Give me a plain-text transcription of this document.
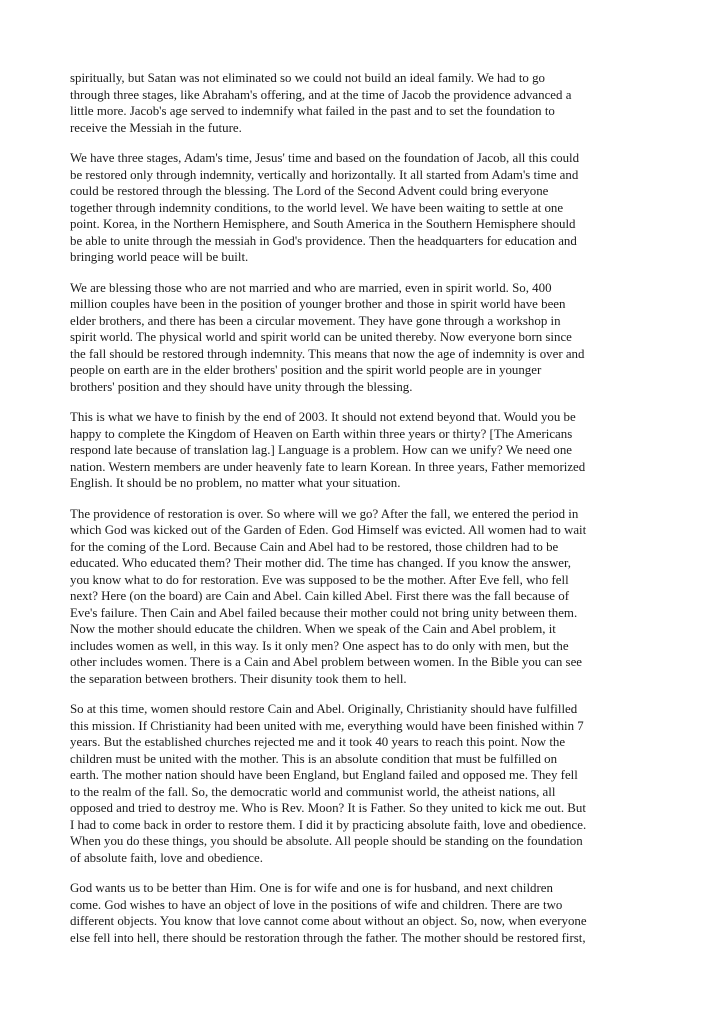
spiritually, but Satan was not eliminated so we could not build an ideal family. We had to go
through three stages, like Abraham's offering, and at the time of Jacob the providence advanced a
little more. Jacob's age served to indemnify what failed in the past and to set the foundation to
receive the Messiah in the future.

We have three stages, Adam's time, Jesus' time and based on the foundation of Jacob, all this could
be restored only through indemnity, vertically and horizontally. It all started from Adam's time and
could be restored through the blessing. The Lord of the Second Advent could bring everyone
together through indemnity conditions, to the world level. We have been waiting to settle at one
point. Korea, in the Northern Hemisphere, and South America in the Southern Hemisphere should
be able to unite through the messiah in God's providence. Then the headquarters for education and
bringing world peace will be built.

We are blessing those who are not married and who are married, even in spirit world. So, 400
million couples have been in the position of younger brother and those in spirit world have been
elder brothers, and there has been a circular movement. They have gone through a workshop in
spirit world. The physical world and spirit world can be united thereby. Now everyone born since
the fall should be restored through indemnity. This means that now the age of indemnity is over and
people on earth are in the elder brothers' position and the spirit world people are in younger
brothers' position and they should have unity through the blessing.

This is what we have to finish by the end of 2003. It should not extend beyond that. Would you be
happy to complete the Kingdom of Heaven on Earth within three years or thirty? [The Americans
respond late because of translation lag.] Language is a problem. How can we unify? We need one
nation. Western members are under heavenly fate to learn Korean. In three years, Father memorized
English. It should be no problem, no matter what your situation.

The providence of restoration is over. So where will we go? After the fall, we entered the period in
which God was kicked out of the Garden of Eden. God Himself was evicted. All women had to wait
for the coming of the Lord. Because Cain and Abel had to be restored, those children had to be
educated. Who educated them? Their mother did. The time has changed. If you know the answer,
you know what to do for restoration. Eve was supposed to be the mother. After Eve fell, who fell
next? Here (on the board) are Cain and Abel. Cain killed Abel. First there was the fall because of
Eve's failure. Then Cain and Abel failed because their mother could not bring unity between them.
Now the mother should educate the children. When we speak of the Cain and Abel problem, it
includes women as well, in this way. Is it only men? One aspect has to do only with men, but the
other includes women. There is a Cain and Abel problem between women. In the Bible you can see
the separation between brothers. Their disunity took them to hell.

So at this time, women should restore Cain and Abel. Originally, Christianity should have fulfilled
this mission. If Christianity had been united with me, everything would have been finished within 7
years. But the established churches rejected me and it took 40 years to reach this point. Now the
children must be united with the mother. This is an absolute condition that must be fulfilled on
earth. The mother nation should have been England, but England failed and opposed me. They fell
to the realm of the fall. So, the democratic world and communist world, the atheist nations, all
opposed and tried to destroy me. Who is Rev. Moon? It is Father. So they united to kick me out. But
I had to come back in order to restore them. I did it by practicing absolute faith, love and obedience.
When you do these things, you should be absolute. All people should be standing on the foundation
of absolute faith, love and obedience.

God wants us to be better than Him. One is for wife and one is for husband, and next children
come. God wishes to have an object of love in the positions of wife and children. There are two
different objects. You know that love cannot come about without an object. So, now, when everyone
else fell into hell, there should be restoration through the father. The mother should be restored first,
